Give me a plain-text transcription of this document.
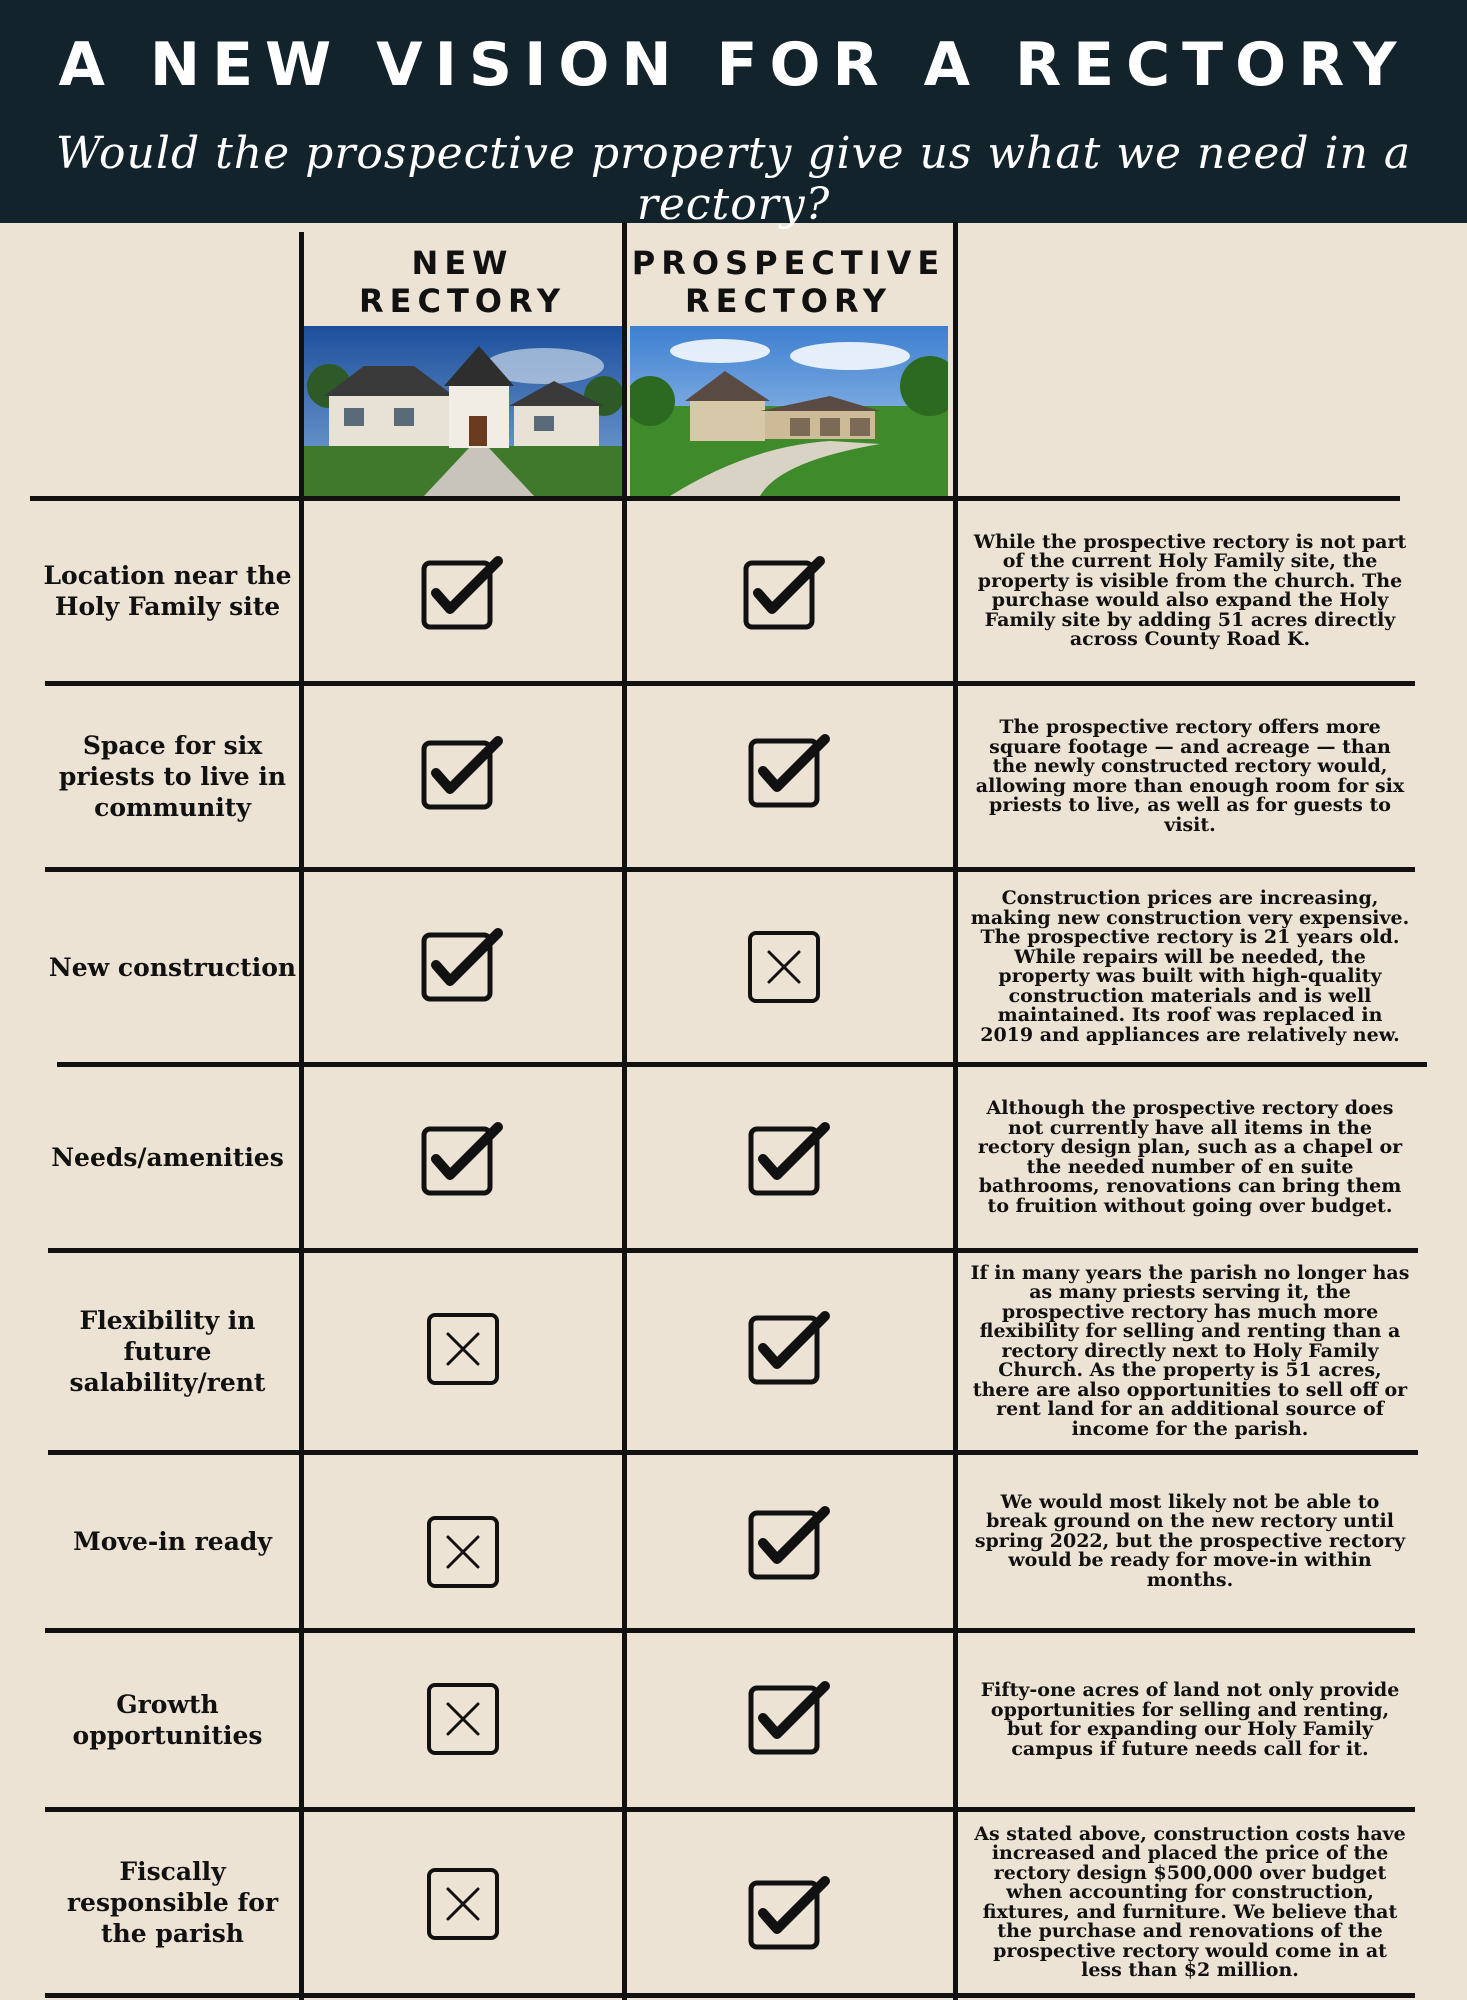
A NEW VISION FOR A RECTORY
Would the prospective property give us what we need in a rectory?
NEW
RECTORY
PROSPECTIVE
RECTORY
Location near the Holy Family site
Space for six priests to live in community
New construction
Needs/amenities
Flexibility in future salability/rent
Move-in ready
Growth opportunities
Fiscally responsible for the parish
While the prospective rectory is not part of the current Holy Family site, the property is visible from the church. The purchase would also expand the Holy Family site by adding 51 acres directly across County Road K.
The prospective rectory offers more square footage — and acreage — than the newly constructed rectory would, allowing more than enough room for six priests to live, as well as for guests to visit.
Construction prices are increasing, making new construction very expensive. The prospective rectory is 21 years old. While repairs will be needed, the property was built with high-quality construction materials and is well maintained. Its roof was replaced in 2019 and appliances are relatively new.
Although the prospective rectory does not currently have all items in the rectory design plan, such as a chapel or the needed number of en suite bathrooms, renovations can bring them to fruition without going over budget.
If in many years the parish no longer has as many priests serving it, the prospective rectory has much more flexibility for selling and renting than a rectory directly next to Holy Family Church. As the property is 51 acres, there are also opportunities to sell off or rent land for an additional source of income for the parish.
We would most likely not be able to break ground on the new rectory until spring 2022, but the prospective rectory would be ready for move-in within months.
Fifty-one acres of land not only provide opportunities for selling and renting, but for expanding our Holy Family campus if future needs call for it.
As stated above, construction costs have increased and placed the price of the rectory design $500,000 over budget when accounting for construction, fixtures, and furniture. We believe that the purchase and renovations of the prospective rectory would come in at less than $2 million.
